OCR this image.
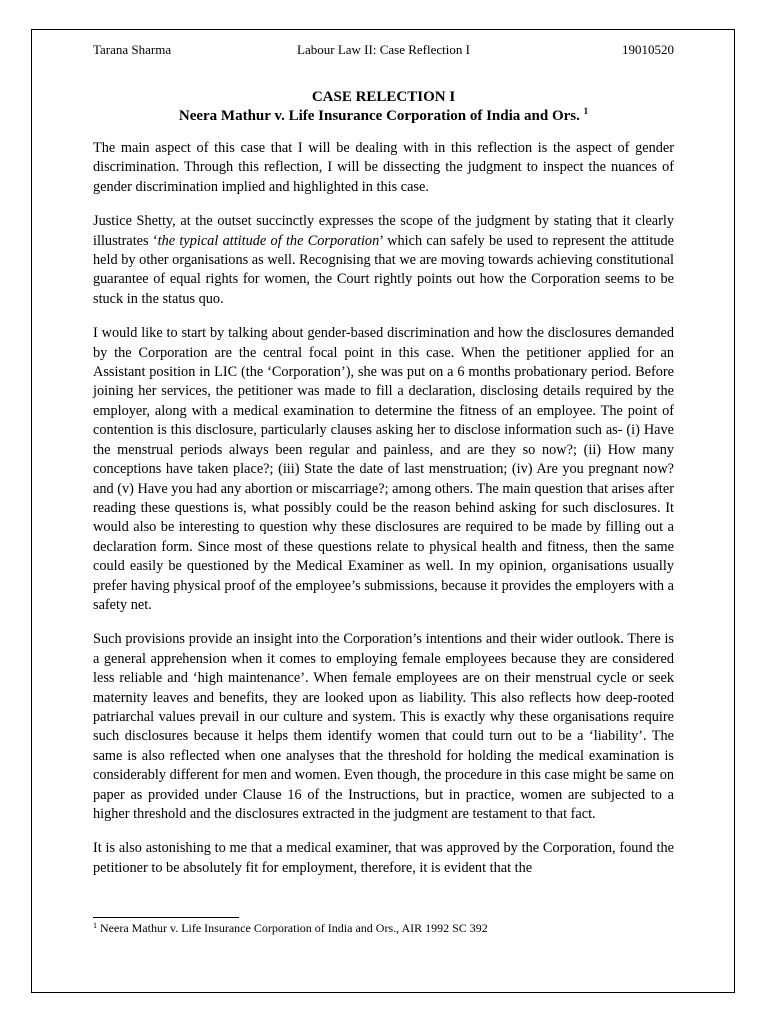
Tarana Sharma	Labour Law II: Case Reflection I	19010520
CASE RELECTION I
Neera Mathur v. Life Insurance Corporation of India and Ors. $^1$

The main aspect of this case that I will be dealing with in this reflection is the aspect of gender discrimination. Through this reflection, I will be dissecting the judgment to inspect the nuances of gender discrimination implied and highlighted in this case.

Justice Shetty, at the outset succinctly expresses the scope of the judgment by stating that it clearly illustrates ‘the typical attitude of the Corporation’ which can safely be used to represent the attitude held by other organisations as well. Recognising that we are moving towards achieving constitutional guarantee of equal rights for women, the Court rightly points out how the Corporation seems to be stuck in the status quo.

I would like to start by talking about gender-based discrimination and how the disclosures demanded by the Corporation are the central focal point in this case. When the petitioner applied for an Assistant position in LIC (the ‘Corporation’), she was put on a 6 months probationary period. Before joining her services, the petitioner was made to fill a declaration, disclosing details required by the employer, along with a medical examination to determine the fitness of an employee. The point of contention is this disclosure, particularly clauses asking her to disclose information such as- (i) Have the menstrual periods always been regular and painless, and are they so now?; (ii) How many conceptions have taken place?; (iii) State the date of last menstruation; (iv) Are you pregnant now? and (v) Have you had any abortion or miscarriage?; among others. The main question that arises after reading these questions is, what possibly could be the reason behind asking for such disclosures. It would also be interesting to question why these disclosures are required to be made by filling out a declaration form. Since most of these questions relate to physical health and fitness, then the same could easily be questioned by the Medical Examiner as well. In my opinion, organisations usually prefer having physical proof of the employee’s submissions, because it provides the employers with a safety net.

Such provisions provide an insight into the Corporation’s intentions and their wider outlook. There is a general apprehension when it comes to employing female employees because they are considered less reliable and ‘high maintenance’. When female employees are on their menstrual cycle or seek maternity leaves and benefits, they are looked upon as liability. This also reflects how deep-rooted patriarchal values prevail in our culture and system. This is exactly why these organisations require such disclosures because it helps them identify women that could turn out to be a ‘liability’. The same is also reflected when one analyses that the threshold for holding the medical examination is considerably different for men and women. Even though, the procedure in this case might be same on paper as provided under Clause 16 of the Instructions, but in practice, women are subjected to a higher threshold and the disclosures extracted in the judgment are testament to that fact.

It is also astonishing to me that a medical examiner, that was approved by the Corporation, found the petitioner to be absolutely fit for employment, therefore, it is evident that the

$^1$ Neera Mathur v. Life Insurance Corporation of India and Ors., AIR 1992 SC 392
